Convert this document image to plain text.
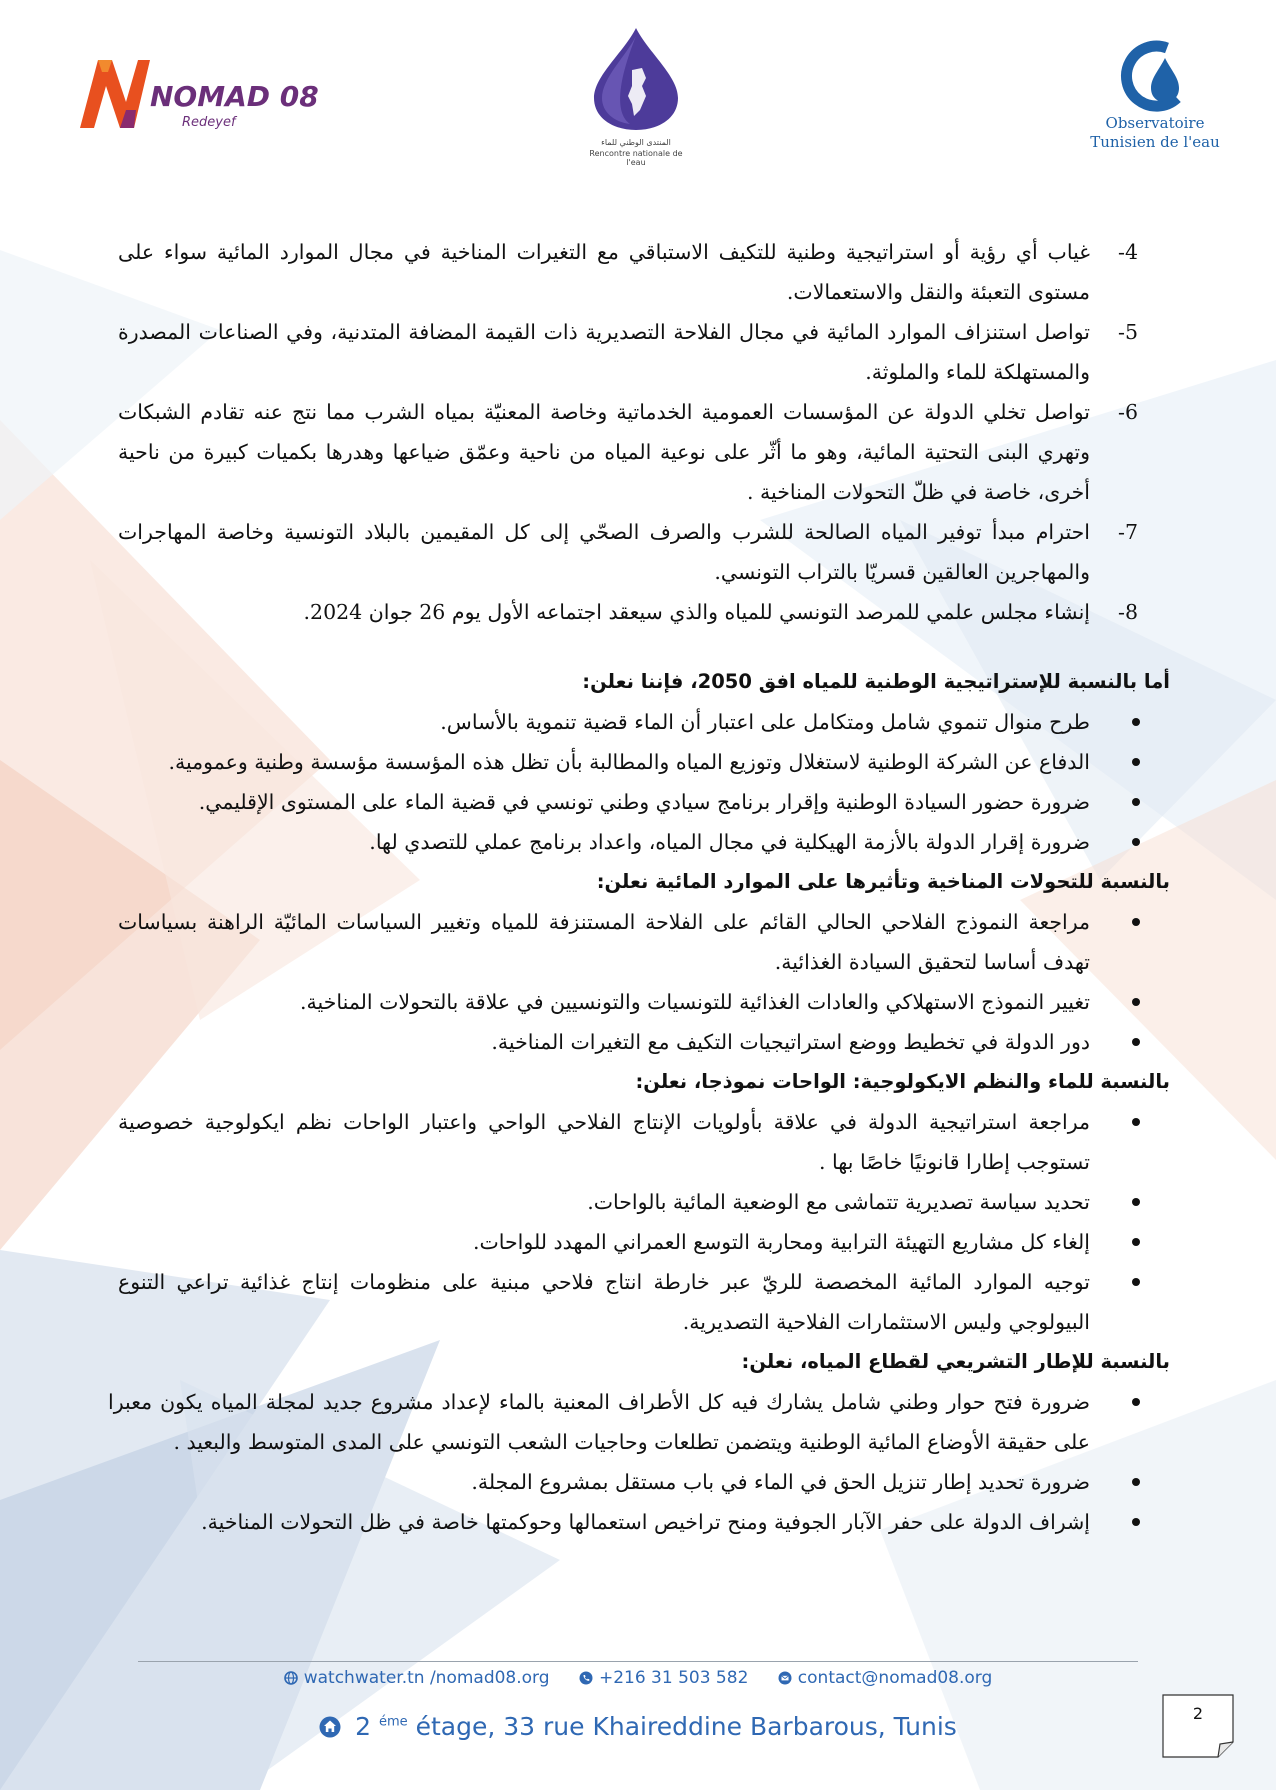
NOMAD 08
Redeyef
المنتدى الوطني للماء
Rencontre nationale de l'eau
Observatoire
Tunisien de l'eau
-4
غياب أي رؤية أو استراتيجية وطنية للتكيف الاستباقي مع التغيرات المناخية في مجال الموارد المائية سواء على مستوى التعبئة والنقل والاستعمالات.
-5
تواصل استنزاف الموارد المائية في مجال الفلاحة التصديرية ذات القيمة المضافة المتدنية، وفي الصناعات المصدرة والمستهلكة للماء والملوثة.
-6
تواصل تخلي الدولة عن المؤسسات العمومية الخدماتية وخاصة المعنيّة بمياه الشرب مما نتج عنه تقادم الشبكات وتهري البنى التحتية المائية، وهو ما أثّر على نوعية المياه من ناحية وعمّق ضياعها وهدرها بكميات كبيرة من ناحية أخرى، خاصة في ظلّ التحولات المناخية .
-7
احترام مبدأ توفير المياه الصالحة للشرب والصرف الصحّي إلى كل المقيمين بالبلاد التونسية وخاصة المهاجرات والمهاجرين العالقين قسريّا بالتراب التونسي.
-8
إنشاء مجلس علمي للمرصد التونسي للمياه والذي سيعقد اجتماعه الأول يوم 26 جوان 2024.
أما بالنسبة للإستراتيجية الوطنية للمياه افق 2050، فإننا نعلن:
طرح منوال تنموي شامل ومتكامل على اعتبار أن الماء قضية تنموية بالأساس.
الدفاع عن الشركة الوطنية لاستغلال وتوزيع المياه والمطالبة بأن تظل هذه المؤسسة مؤسسة وطنية وعمومية.
ضرورة حضور السيادة الوطنية وإقرار برنامج سيادي وطني تونسي في قضية الماء على المستوى الإقليمي.
ضرورة إقرار الدولة بالأزمة الهيكلية في مجال المياه، واعداد برنامج عملي للتصدي لها.
بالنسبة للتحولات المناخية وتأثيرها على الموارد المائية نعلن:
مراجعة النموذج الفلاحي الحالي القائم على الفلاحة المستنزفة للمياه وتغيير السياسات المائيّة الراهنة بسياسات تهدف أساسا لتحقيق السيادة الغذائية.
تغيير النموذج الاستهلاكي والعادات الغذائية للتونسيات والتونسيين في علاقة بالتحولات المناخية.
دور الدولة في تخطيط ووضع استراتيجيات التكيف مع التغيرات المناخية.
بالنسبة للماء والنظم الايكولوجية: الواحات نموذجا، نعلن:
مراجعة استراتيجية الدولة في علاقة بأولويات الإنتاج الفلاحي الواحي واعتبار الواحات نظم ايكولوجية خصوصية تستوجب إطارا قانونيًا خاصًا بها .
تحديد سياسة تصديرية تتماشى مع الوضعية المائية بالواحات.
إلغاء كل مشاريع التهيئة الترابية ومحاربة التوسع العمراني المهدد للواحات.
توجيه الموارد المائية المخصصة للريّ عبر خارطة انتاج فلاحي مبنية على منظومات إنتاج غذائية تراعي التنوع البيولوجي وليس الاستثمارات الفلاحية التصديرية.
بالنسبة للإطار التشريعي لقطاع المياه، نعلن:
ضرورة فتح حوار وطني شامل يشارك فيه كل الأطراف المعنية بالماء لإعداد مشروع جديد لمجلة المياه يكون معبرا على حقيقة الأوضاع المائية الوطنية ويتضمن تطلعات وحاجيات الشعب التونسي على المدى المتوسط والبعيد .
ضرورة تحديد إطار تنزيل الحق في الماء في باب مستقل بمشروع المجلة.
إشراف الدولة على حفر الآبار الجوفية ومنح تراخيص استعمالها وحوكمتها خاصة في ظل التحولات المناخية.
watchwater.tn /nomad08.org	+216 31 503 582	contact@nomad08.org
2 $^{éme}$ étage, 33 rue Khaireddine Barbarous, Tunis	2
